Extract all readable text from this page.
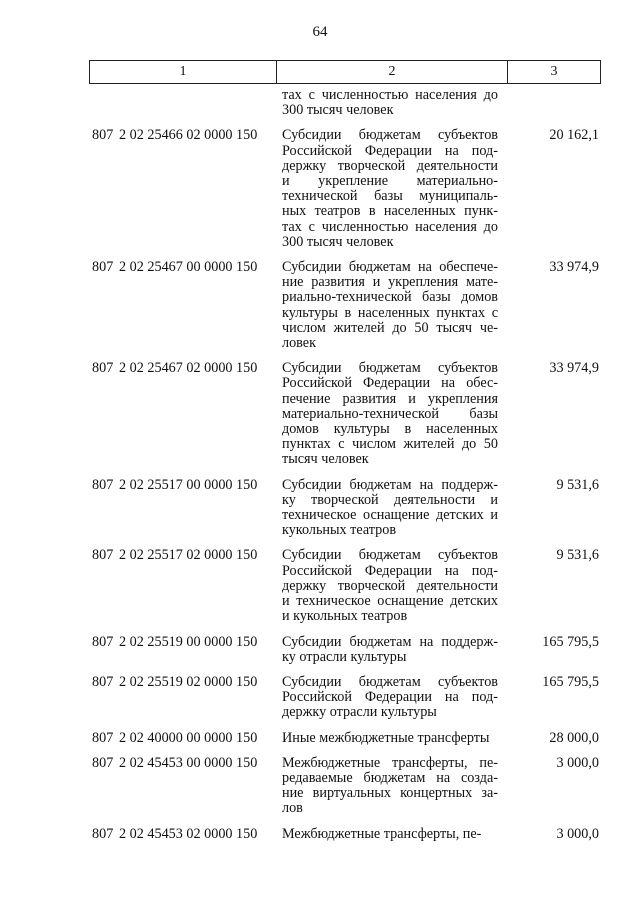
64
1	2	3
тах с численностью населения до
300 тысяч человек
807 2 02 25466 02 0000 150	Субсидии бюджетам субъектов
Российской Федерации на под-
держку творческой деятельности
и укрепление материально-
технической базы муниципаль-
ных театров в населенных пунк-
тах с численностью населения до
300 тысяч человек
20 162,1
807 2 02 25467 00 0000 150	Субсидии бюджетам на обеспече-
ние развития и укрепления мате-
риально-технической базы домов
культуры в населенных пунктах с
числом жителей до 50 тысяч че-
ловек
33 974,9
807 2 02 25467 02 0000 150	Субсидии бюджетам субъектов
Российской Федерации на обес-
печение развития и укрепления
материально-технической базы
домов культуры в населенных
пунктах с числом жителей до 50
тысяч человек
33 974,9
807 2 02 25517 00 0000 150	Субсидии бюджетам на поддерж-
ку творческой деятельности и
техническое оснащение детских и
кукольных театров
9 531,6
807 2 02 25517 02 0000 150	Субсидии бюджетам субъектов
Российской Федерации на под-
держку творческой деятельности
и техническое оснащение детских
и кукольных театров
9 531,6
807 2 02 25519 00 0000 150	Субсидии бюджетам на поддерж-
ку отрасли культуры
165 795,5
807 2 02 25519 02 0000 150	Субсидии бюджетам субъектов
Российской Федерации на под-
держку отрасли культуры
165 795,5
807 2 02 40000 00 0000 150	Иные межбюджетные трансферты	28 000,0
807 2 02 45453 00 0000 150	Межбюджетные трансферты, пе-
редаваемые бюджетам на созда-
ние виртуальных концертных за-
лов
3 000,0
807 2 02 45453 02 0000 150	Межбюджетные трансферты, пе-	3 000,0
